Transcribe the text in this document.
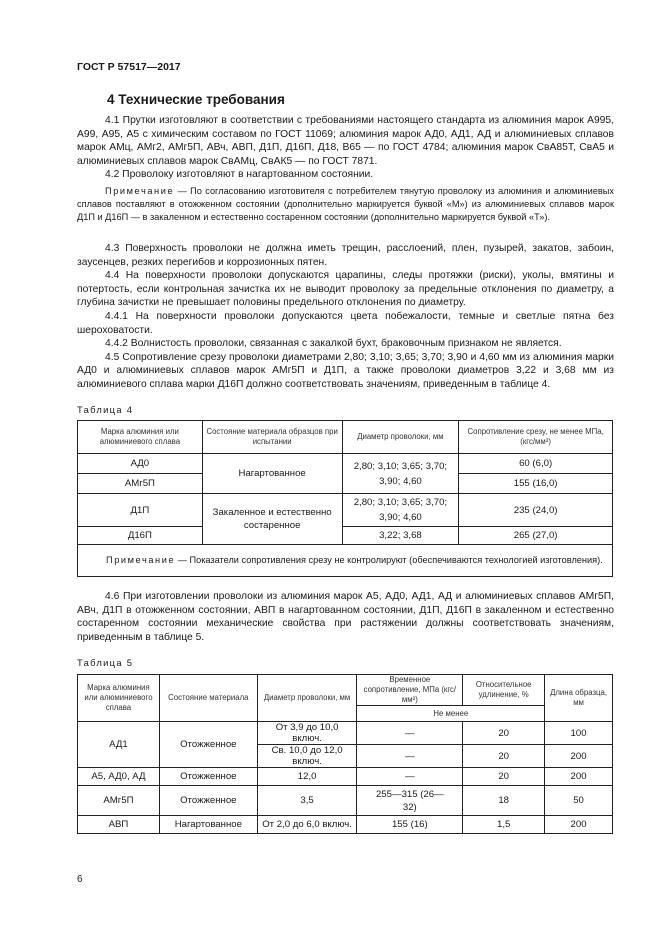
ГОСТ Р 57517—2017
4 Технические требования

4.1 Прутки изготовляют в соответствии с требованиями настоящего стандарта из алюминия марок А995, А99, А95, А5 с химическим составом по ГОСТ 11069; алюминия марок АД0, АД1, АД и алюминиевых сплавов марок АМц, АМг2, АМг5П, АВч, АВП, Д1П, Д16П, Д18, В65 — по ГОСТ 4784; алюминия марок СвА85Т, СвА5 и алюминиевых сплавов марок СвАМц, СвАК5 — по ГОСТ 7871.

4.2 Проволоку изготовляют в нагартованном состоянии.

Примечание — По согласованию изготовителя с потребителем тянутую проволоку из алюминия и алюминиевых сплавов поставляют в отожженном состоянии (дополнительно маркируется буквой «М») из алюминиевых сплавов марок Д1П и Д16П — в закаленном и естественно состаренном состоянии (дополнительно маркируется буквой «Т»).

4.3 Поверхность проволоки не должна иметь трещин, расслоений, плен, пузырей, закатов, забоин, заусенцев, резких перегибов и коррозионных пятен.

4.4 На поверхности проволоки допускаются царапины, следы протяжки (риски), уколы, вмятины и потертость, если контрольная зачистка их не выводит проволоку за предельные отклонения по диаметру, а глубина зачистки не превышает половины предельного отклонения по диаметру.

4.4.1 На поверхности проволоки допускаются цвета побежалости, темные и светлые пятна без шероховатости.

4.4.2 Волнистость проволоки, связанная с закалкой бухт, браковочным признаком не является.

4.5 Сопротивление срезу проволоки диаметрами 2,80; 3,10; 3,65; 3,70; 3,90 и 4,60 мм из алюминия марки АД0 и алюминиевых сплавов марок АМг5П и Д1П, а также проволоки диаметров 3,22 и 3,68 мм из алюминиевого сплава марки Д16П должно соответствовать значениям, приведенным в таблице 4.

Таблица 4
Марка алюминия или алюминиевого сплава	Состояние материала образцов при испытании	Диаметр проволоки, мм	Сопротивление срезу, не менее МПа, (кгс/мм²)
АД0	Нагартованное	2,80; 3,10; 3,65; 3,70; 3,90; 4,60	60 (6,0)
АМг5П			155 (16,0)
Д1П	Закаленное и естественно состаренное	2,80; 3,10; 3,65; 3,70; 3,90; 4,60	235 (24,0)
Д16П		3,22; 3,68	265 (27,0)
Примечание — Показатели сопротивления срезу не контролируют (обеспечиваются технологией изготовления).			

4.6 При изготовлении проволоки из алюминия марок А5, АД0, АД1, АД и алюминиевых сплавов АМг5П, АВч, Д1П в отожженном состоянии, АВП в нагартованном состоянии, Д1П, Д16П в закаленном и естественно состаренном состоянии механические свойства при растяжении должны соответствовать значениям, приведенным в таблице 5.

Таблица 5
Марка алюминия или алюминиевого сплава	Состояние материала	Диаметр проволоки, мм	Временное сопротивление, МПа (кгс/мм²)	Относительное удлинение, %	Длина образца, мм
			Не менее		
АД1	Отожженное	От 3,9 до 10,0 включ.	—	20	100
		Св. 10,0 до 12,0 включ.	—	20	200
А5, АД0, АД	Отожженное	12,0	—	20	200
АМг5П	Отожженное	3,5	255—315 (26—32)	18	50
АВП	Нагартованное	От 2,0 до 6,0 включ.	155 (16)	1,5	200
6
